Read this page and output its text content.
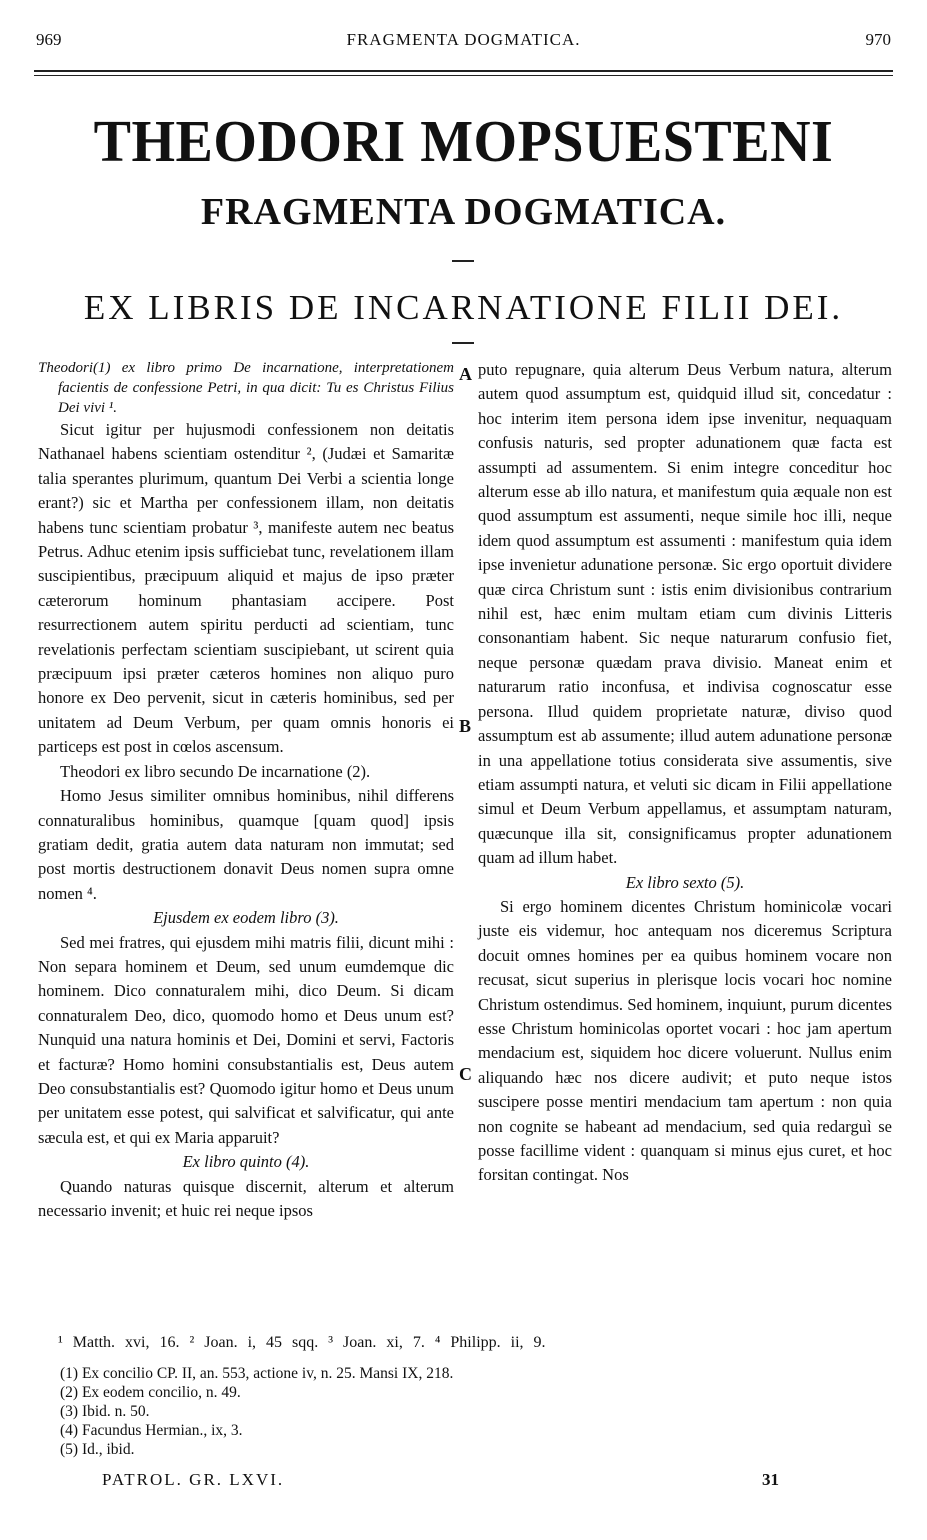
969	FRAGMENTA DOGMATICA.	970
THEODORI MOPSUESTENI
FRAGMENTA DOGMATICA.
EX LIBRIS DE INCARNATIONE FILII DEI.

Theodori(1) ex libro primo De incarnatione, interpretationem facientis de confessione Petri, in qua dicit: Tu es Christus Filius Dei vivi ¹.

Sicut igitur per hujusmodi confessionem non deitatis Nathanael habens scientiam ostenditur ², (Judæi et Samaritæ talia sperantes plurimum, quantum Dei Verbi a scientia longe erant?) sic et Martha per confessionem illam, non deitatis habens tunc scientiam probatur ³, manifeste autem nec beatus Petrus. Adhuc etenim ipsis sufficiebat tunc, revelationem illam suscipientibus, præcipuum aliquid et majus de ipso præter cæterorum hominum phantasiam accipere. Post resurrectionem autem spiritu perducti ad scientiam, tunc revelationis perfectam scientiam suscipiebant, ut scirent quia præcipuum ipsi præter cæteros homines non aliquo puro honore ex Deo pervenit, sicut in cæteris hominibus, sed per unitatem ad Deum Verbum, per quam omnis honoris ei particeps est post in cœlos ascensum.

Theodori ex libro secundo De incarnatione (2).

Homo Jesus similiter omnibus hominibus, nihil differens connaturalibus hominibus, quamque [quam quod] ipsis gratiam dedit, gratia autem data naturam non immutat; sed post mortis destructionem donavit Deus nomen supra omne nomen ⁴.

Ejusdem ex eodem libro (3).

Sed mei fratres, qui ejusdem mihi matris filii, dicunt mihi : Non separa hominem et Deum, sed unum eumdemque dic hominem. Dico connaturalem mihi, dico Deum. Si dicam connaturalem Deo, dico, quomodo homo et Deus unum est? Nunquid una natura hominis et Dei, Domini et servi, Factoris et facturæ? Homo homini consubstantialis est, Deus autem Deo consubstantialis est? Quomodo igitur homo et Deus unum per unitatem esse potest, qui salvificat et salvificatur, qui ante sæcula est, et qui ex Maria apparuit?

Ex libro quinto (4).

Quando naturas quisque discernit, alterum et alterum necessario invenit; et huic rei neque ipsos

puto repugnare, quia alterum Deus Verbum natura, alterum autem quod assumptum est, quidquid illud sit, concedatur : hoc interim item persona idem ipse invenitur, nequaquam confusis naturis, sed propter adunationem quæ facta est assumpti ad assumentem. Si enim integre conceditur hoc alterum esse ab illo natura, et manifestum quia æquale non est quod assumptum est assumenti, neque simile hoc illi, neque idem quod assumptum est assumenti : manifestum quia idem ipse invenietur adunatione personæ. Sic ergo oportuit dividere quæ circa Christum sunt : istis enim divisionibus contrarium nihil est, hæc enim multam etiam cum divinis Litteris consonantiam habent. Sic neque naturarum confusio fiet, neque personæ quædam prava divisio. Maneat enim et naturarum ratio inconfusa, et indivisa cognoscatur esse persona. Illud quidem proprietate naturæ, diviso quod assumptum est ab assumente; illud autem adunatione personæ in una appellatione totius considerata sive assumentis, sive etiam assumpti natura, et veluti sic dicam in Filii appellatione simul et Deum Verbum appellamus, et assumptam naturam, quæcunque illa sit, consignificamus propter adunationem quam ad illum habet.

Ex libro sexto (5).

Si ergo hominem dicentes Christum hominicolæ vocari juste eis videmur, hoc antequam nos diceremus Scriptura docuit omnes homines per ea quibus hominem vocare non recusat, sicut superius in plerisque locis vocari hoc nomine Christum ostendimus. Sed hominem, inquiunt, purum dicentes esse Christum hominicolas oportet vocari : hoc jam apertum mendacium est, siquidem hoc dicere voluerunt. Nullus enim aliquando hæc nos dicere audivit; et puto neque istos suscipere posse mentiri mendacium tam apertum : non quia non cognite se habeant ad mendacium, sed quia redarguì se posse facillime vident : quanquam si minus ejus curet, et hoc forsitan contingat. Nos

A
B
C
¹ Matth. xvi, 16. ² Joan. i, 45 sqq. ³ Joan. xi, 7. ⁴ Philipp. ii, 9.
(1) Ex concilio CP. II, an. 553, actione iv, n. 25. Mansi IX, 218.
(2) Ex eodem concilio, n. 49.
(3) Ibid. n. 50.
(4) Facundus Hermian., ix, 3.
(5) Id., ibid.
PATROL. GR. LXVI.	31
